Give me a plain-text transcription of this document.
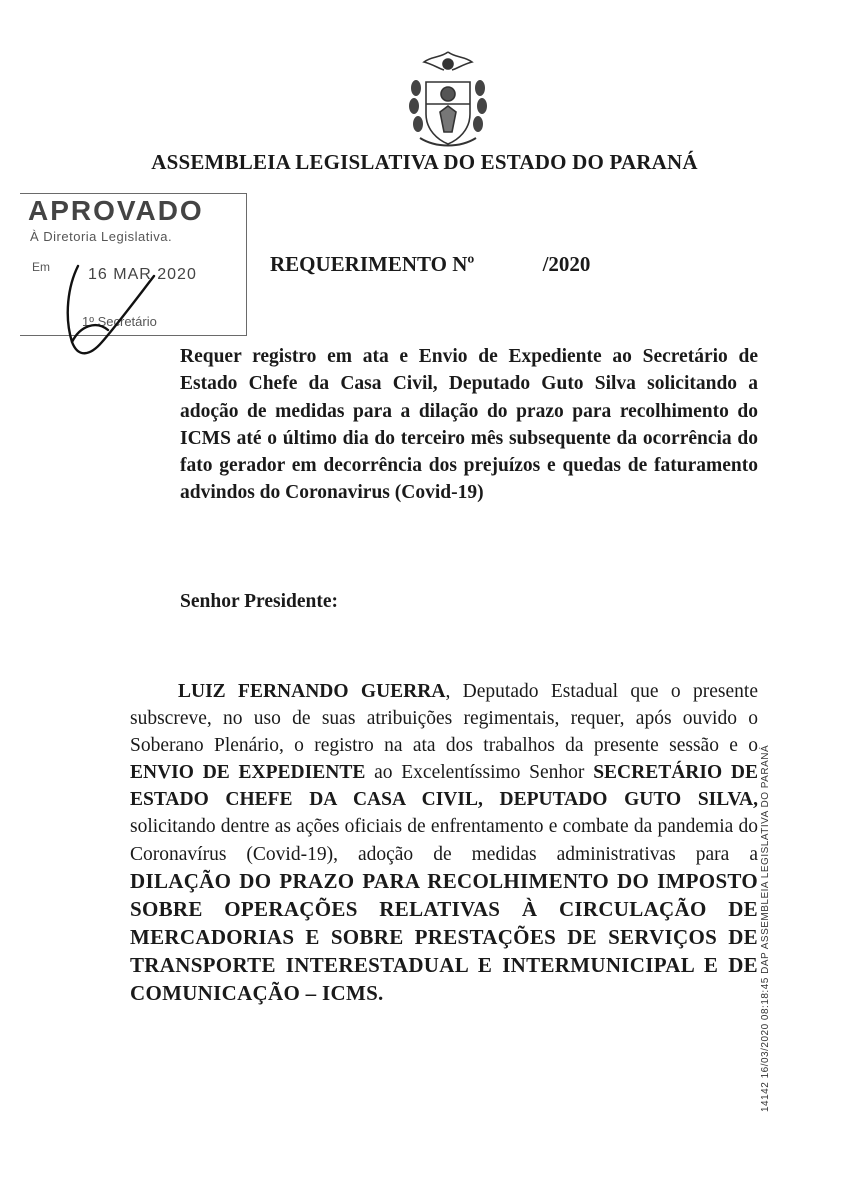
ASSEMBLEIA LEGISLATIVA DO ESTADO DO PARANÁ
APROVADO
À Diretoria Legislativa.
Em 16 MAR 2020
1º Secretário
REQUERIMENTO Nº	/2020
Requer registro em ata e Envio de Expediente ao Secretário de Estado Chefe da Casa Civil, Deputado Guto Silva solicitando a adoção de medidas para a dilação do prazo para recolhimento do ICMS até o último dia do terceiro mês subsequente da ocorrência do fato gerador em decorrência dos prejuízos e quedas de faturamento advindos do Coronavirus (Covid-19)
Senhor Presidente:

LUIZ FERNANDO GUERRA, Deputado Estadual que o presente subscreve, no uso de suas atribuições regimentais, requer, após ouvido o Soberano Plenário, o registro na ata dos trabalhos da presente sessão e o ENVIO DE EXPEDIENTE ao Excelentíssimo Senhor SECRETÁRIO DE ESTADO CHEFE DA CASA CIVIL, DEPUTADO GUTO SILVA, solicitando dentre as ações oficiais de enfrentamento e combate da pandemia do Coronavírus (Covid-19), adoção de medidas administrativas para a DILAÇÃO DO PRAZO PARA RECOLHIMENTO DO IMPOSTO SOBRE OPERAÇÕES RELATIVAS À CIRCULAÇÃO DE MERCADORIAS E SOBRE PRESTAÇÕES DE SERVIÇOS DE TRANSPORTE INTERESTADUAL E INTERMUNICIPAL E DE COMUNICAÇÃO – ICMS.	14142 16/03/2020 08:18:45 DAP ASSEMBLEIA LEGISLATIVA DO PARANÁ
